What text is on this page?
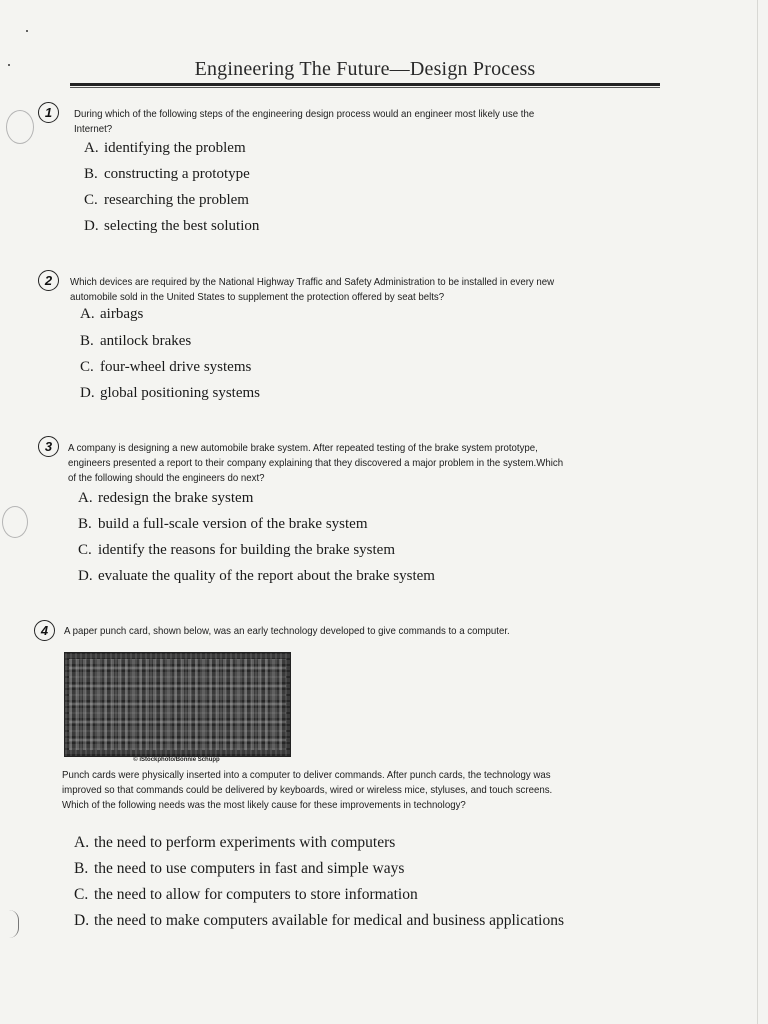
Engineering The Future—Design Process
1	During which of the following steps of the engineering design process would an engineer most likely use the
Internet?
A. identifying the problem
B. constructing a prototype
C. researching the problem
D. selecting the best solution
2	Which devices are required by the National Highway Traffic and Safety Administration to be installed in every new
automobile sold in the United States to supplement the protection offered by seat belts?
A. airbags
B. antilock brakes
C. four-wheel drive systems
D. global positioning systems
3	A company is designing a new automobile brake system. After repeated testing of the brake system prototype,
engineers presented a report to their company explaining that they discovered a major problem in the system.Which
of the following should the engineers do next?
A. redesign the brake system
B. build a full-scale version of the brake system
C. identify the reasons for building the brake system
D. evaluate the quality of the report about the brake system
4	A paper punch card, shown below, was an early technology developed to give commands to a computer.
© iStockphoto/Bonnie Schupp
Punch cards were physically inserted into a computer to deliver commands. After punch cards, the technology was
improved so that commands could be delivered by keyboards, wired or wireless mice, styluses, and touch screens.
Which of the following needs was the most likely cause for these improvements in technology?
A. the need to perform experiments with computers
B. the need to use computers in fast and simple ways
C. the need to allow for computers to store information
D. the need to make computers available for medical and business applications
